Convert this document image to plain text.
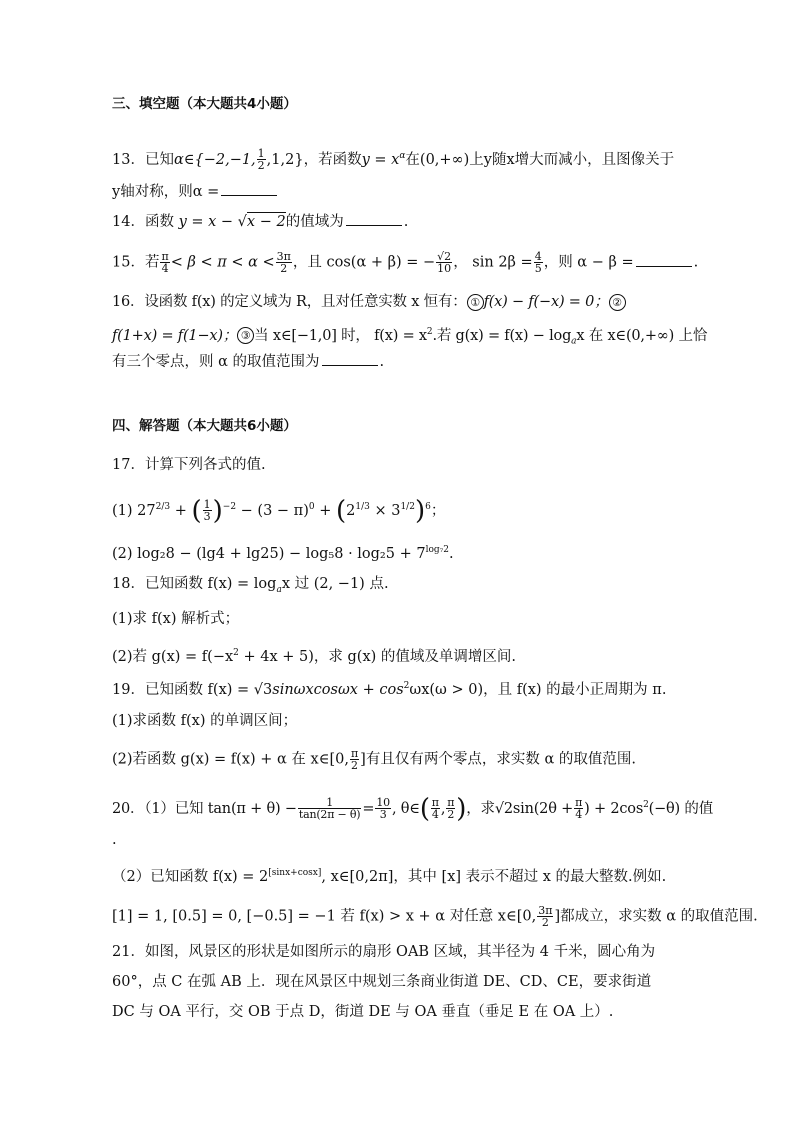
三、填空题（本大题共4小题）
13．已知α∈{−2,−1, $\frac{1}{2} ,1,2$}，若函数$y = x^\alpha$在(0,+∞)上y随x增大而减小，且图像关于
y轴对称，则α =
14．函数 y = x − √x − 2的值域为	.
15．若 $\frac{\pi}{4} < \beta < \pi < \alpha < \frac{3\pi}{2}$ ，且 cos(α + β) = − $\frac{√2}{10}$ ， $\sin 2\beta = \frac{4}{5}$ ，则 α − β =	.
16．设函数 f(x) 的定义域为 R，且对任意实数 x 恒有： ① f(x) − f(−x) = 0； ②
f(1+x) = f(1−x)； ③ 当 x∈[−1,0] 时， $f(x) = x^2$.若 $g(x) = f(x) - \log_ax$ 在 x∈(0,+∞) 上恰
有三个零点，则 α 的取值范围为	.
四、解答题（本大题共6小题）
17．计算下列各式的值.
(1) $27^{2/3}$ + ( $\frac{1}{3} )^{-2} - (3 - \pi)^0 + (2^{1/3} \times 3^{1/2})^6$；
(2) $\log_28 - (\lg 4 + \lg 25) - \log_58 \cdot \log_25 + 7^{log_72}$.
18．已知函数 $f(x) = \log_ax$ 过 (2, −1) 点.
(1)求 f(x) 解析式；
(2)若 $g(x) = f(-x^2 + 4x + 5)$，求 g(x) 的值域及单调增区间.
19．已知函数 $f(x) = √3\sin\omega xcos\omega x + \cos^2\omega x(\omega > 0)$，且 f(x) 的最小正周期为 π.
(1)求函数 f(x) 的单调区间；
(2)若函数 g(x) = f(x) + α 在 x∈[0, $\frac{\pi}{2}$ ]有且仅有两个零点，求实数 α 的取值范围.
20．（1）已知 $\tan(\pi + \theta) - \frac{1}{\tan(2\pi - \theta)} = \frac{10}{3}$ , θ∈( $\frac{\pi}{4}$ , $\frac{\pi}{2}$ )，求$√2\sin(2\theta + \frac{\pi}{4}$ ) + $2\cos^2(-\theta)$ 的值
.
（2）已知函数 f(x) = 2[sinx+cosx], x∈[0,2π]，其中 [x] 表示不超过 x 的最大整数.例如.
[1] = 1, [0.5] = 0, [−0.5] = −1 若 f(x) > x + α 对任意 x∈[0, $\frac{3\pi}{2}$ ]都成立，求实数 α 的取值范围.
21．如图，风景区的形状是如图所示的扇形 OAB 区域，其半径为 4 千米，圆心角为
60°，点 C 在弧 AB 上．现在风景区中规划三条商业街道 DE、CD、CE，要求街道
DC 与 OA 平行，交 OB 于点 D，街道 DE 与 OA 垂直（垂足 E 在 OA 上）.
